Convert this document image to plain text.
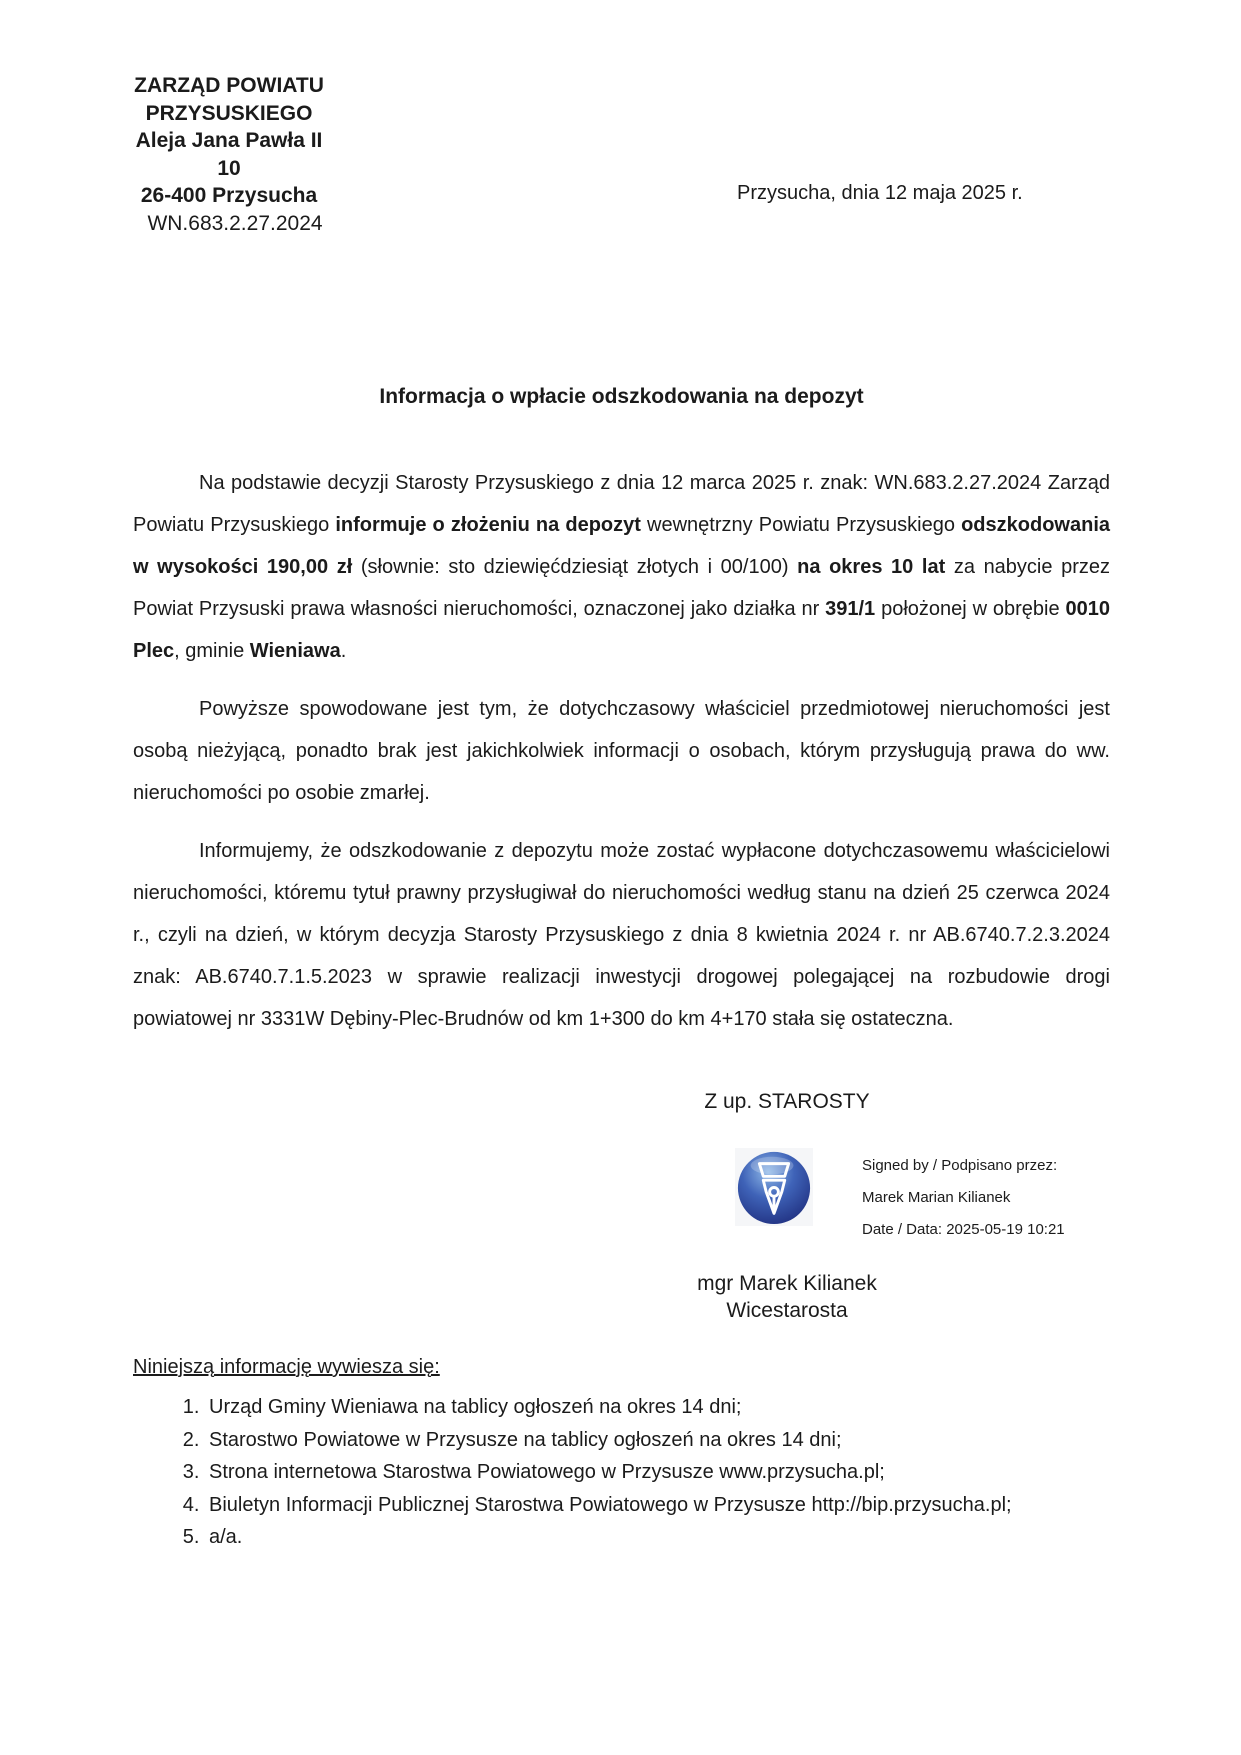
ZARZĄD POWIATU
PRZYSUSKIEGO
Aleja Jana Pawła II 10
26-400 Przysucha
WN.683.2.27.2024
Przysucha, dnia 12 maja 2025 r.
Informacja o wpłacie odszkodowania na depozyt

Na podstawie decyzji Starosty Przysuskiego z dnia 12 marca 2025 r. znak: WN.683.2.27.2024 Zarząd Powiatu Przysuskiego informuje o złożeniu na depozyt wewnętrzny Powiatu Przysuskiego odszkodowania w wysokości 190,00 zł (słownie: sto dziewięćdziesiąt złotych i 00/100) na okres 10 lat za nabycie przez Powiat Przysuski prawa własności nieruchomości, oznaczonej jako działka nr 391/1 położonej w obrębie 0010 Plec, gminie Wieniawa.

Powyższe spowodowane jest tym, że dotychczasowy właściciel przedmiotowej nieruchomości jest osobą nieżyjącą, ponadto brak jest jakichkolwiek informacji o osobach, którym przysługują prawa do ww. nieruchomości po osobie zmarłej.

Informujemy, że odszkodowanie z depozytu może zostać wypłacone dotychczasowemu właścicielowi nieruchomości, któremu tytuł prawny przysługiwał do nieruchomości według stanu na dzień 25 czerwca 2024 r., czyli na dzień, w którym decyzja Starosty Przysuskiego z dnia 8 kwietnia 2024 r. nr AB.6740.7.2.3.2024 znak: AB.6740.7.1.5.2023 w sprawie realizacji inwestycji drogowej polegającej na rozbudowie drogi powiatowej nr 3331W Dębiny-Plec-Brudnów od km 1+300 do km 4+170 stała się ostateczna.

Z up. STAROSTY
Signed by / Podpisano przez:
Marek Marian Kilianek
Date / Data: 2025-05-19 10:21
mgr Marek Kilianek
Wicestarosta
Niniejszą informację wywiesza się:
1. Urząd Gminy Wieniawa na tablicy ogłoszeń na okres 14 dni;
2. Starostwo Powiatowe w Przysusze na tablicy ogłoszeń na okres 14 dni;
3. Strona internetowa Starostwa Powiatowego w Przysusze www.przysucha.pl;
4. Biuletyn Informacji Publicznej Starostwa Powiatowego w Przysusze http://bip.przysucha.pl;
5. a/a.
